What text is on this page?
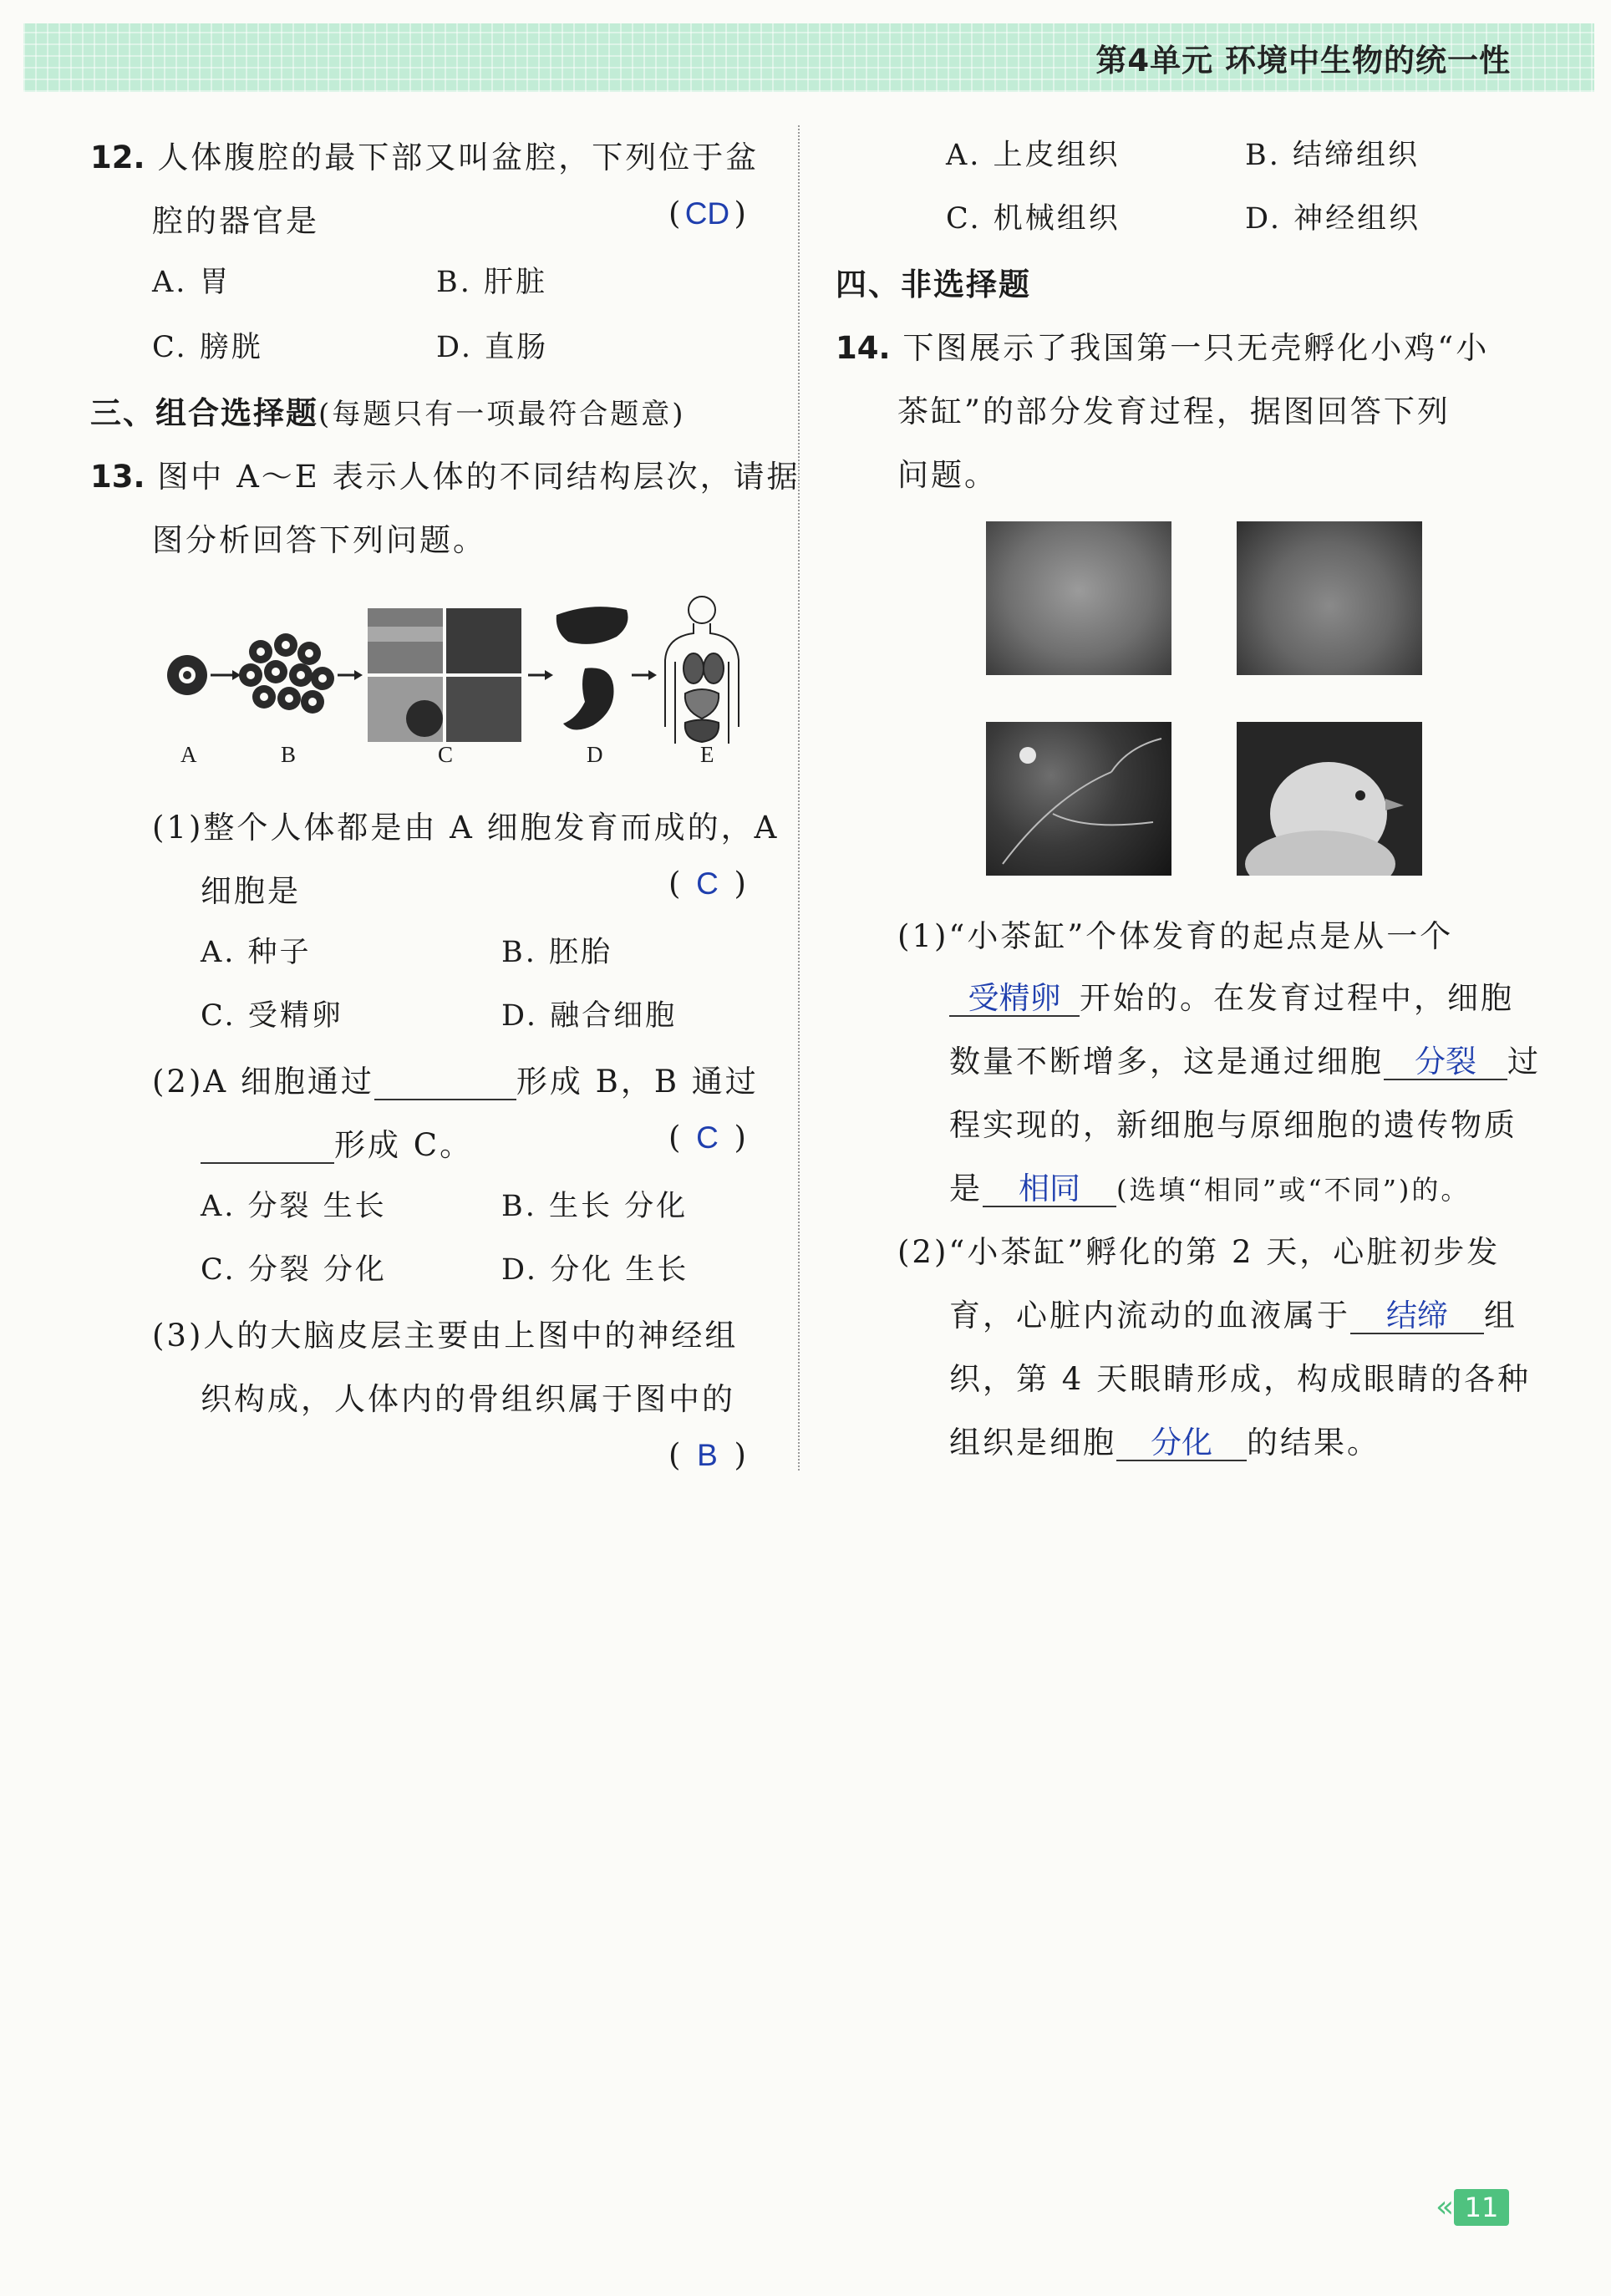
第4单元 环境中生物的统一性
12. 人体腹腔的最下部又叫盆腔，下列位于盆
腔的器官是	( CD )
A. 胃	B. 肝脏
C. 膀胱	D. 直肠
三、组合选择题(每题只有一项最符合题意)
13. 图中 A～E 表示人体的不同结构层次，请据
图分析回答下列问题。
A	B	C	D	E
(1)整个人体都是由 A 细胞发育而成的，A
细胞是	( C )
A. 种子	B. 胚胎
C. 受精卵	D. 融合细胞
(2)A 细胞通过	形成 B，B 通过
形成 C。	( C )
A. 分裂 生长	B. 生长 分化
C. 分裂 分化	D. 分化 生长
(3)人的大脑皮层主要由上图中的神经组
织构成，人体内的骨组织属于图中的
( B )
A. 上皮组织	B. 结缔组织
C. 机械组织	D. 神经组织
四、非选择题
14. 下图展示了我国第一只无壳孵化小鸡“小
茶缸”的部分发育过程，据图回答下列
问题。
(1)“小茶缸”个体发育的起点是从一个
受精卵 开始的。在发育过程中，细胞
数量不断增多，这是通过细胞 分裂 过
程实现的，新细胞与原细胞的遗传物质
是 相同 (选填“相同”或“不同”)的。
(2)“小茶缸”孵化的第 2 天，心脏初步发
育，心脏内流动的血液属于 结缔 组
织，第 4 天眼睛形成，构成眼睛的各种
组织是细胞 分化 的结果。
« 11
